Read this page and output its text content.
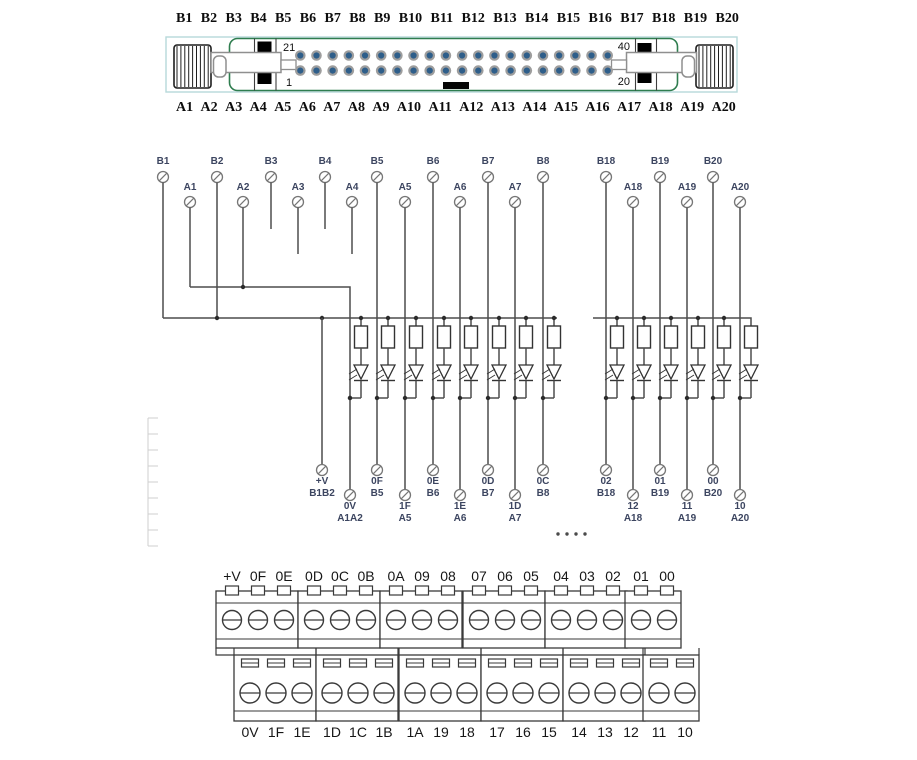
B1 B2 B3 B4 B5 B6 B7 B8 B9 B10 B11 B12 B13 B14 B15 B16 B17 B18 B19 B20
21
1
40
20
A1 A2 A3 A4 A5 A6 A7 A8 A9 A10 A11 A12 A13 A14 A15 A16 A17 A18 A19 A20
B1
A1
B2
A2
B3
A3
B4
A4
B5
0F
B5
A5
1F
A5
B6
0E
B6
A6
1E
A6
B7
0D
B7
A7
1D
A7
B8
0C
B8
+V
B1B2
0V
A1A2
B18
02
B18
A18
12
A18
B19
01
B19
A19
11
A19
B20
00
B20
A20
10
A20
+V 0F 0E 0D 0C 0B 0A 09 08 07 06 05 04 03 02 01 00
0V 1F 1E 1D 1C 1B 1A 19 18 17 16 15 14 13 12 11 10
